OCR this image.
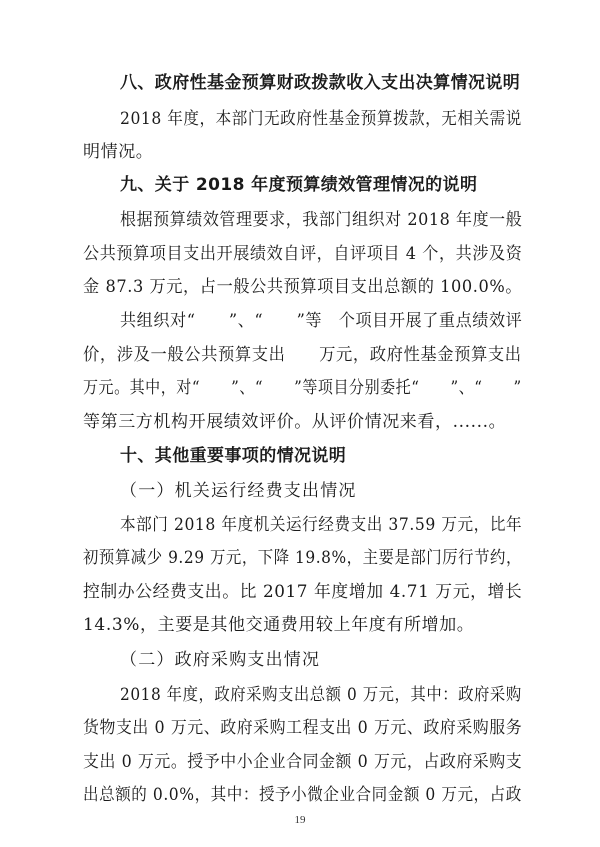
八、政府性基金预算财政拨款收入支出决算情况说明
2018 年度，本部门无政府性基金预算拨款，无相关需说
明情况。
九、关于 2018 年度预算绩效管理情况的说明
根据预算绩效管理要求，我部门组织对 2018 年度一般
公共预算项目支出开展绩效自评，自评项目 4 个，共涉及资
金 87.3 万元，占一般公共预算项目支出总额的 100.0%。
共组织对“　　”、“　　”等　个项目开展了重点绩效评
价，涉及一般公共预算支出　　万元，政府性基金预算支出
万元。其中，对“　　”、“　　”等项目分别委托“　　”、“　　”
等第三方机构开展绩效评价。从评价情况来看，......。
十、其他重要事项的情况说明
（一）机关运行经费支出情况
本部门 2018 年度机关运行经费支出 37.59 万元，比年
初预算减少 9.29 万元，下降 19.8%，主要是部门厉行节约，
控制办公经费支出。比 2017 年度增加 4.71 万元，增长
14.3%，主要是其他交通费用较上年度有所增加。
（二）政府采购支出情况
2018 年度，政府采购支出总额 0 万元，其中：政府采购
货物支出 0 万元、政府采购工程支出 0 万元、政府采购服务
支出 0 万元。授予中小企业合同金额 0 万元，占政府采购支
出总额的 0.0%，其中：授予小微企业合同金额 0 万元，占政
19
